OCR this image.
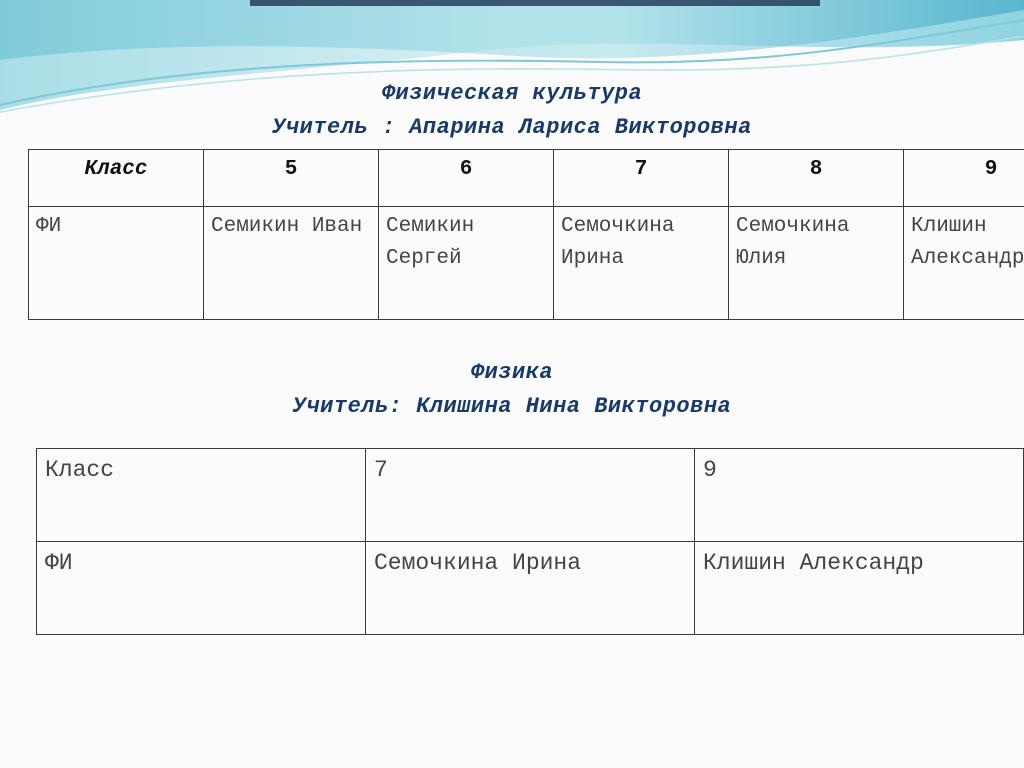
Физическая культура
Учитель : Апарина Лариса Викторовна
Класс	5	6	7	8	9
ФИ	Семикин Иван	Семикин Сергей	Семочкина Ирина	Семочкина Юлия	Клишин Александр
Физика
Учитель: Клишина Нина Викторовна
Класс	7	9
ФИ	Семочкина Ирина	Клишин Александр
